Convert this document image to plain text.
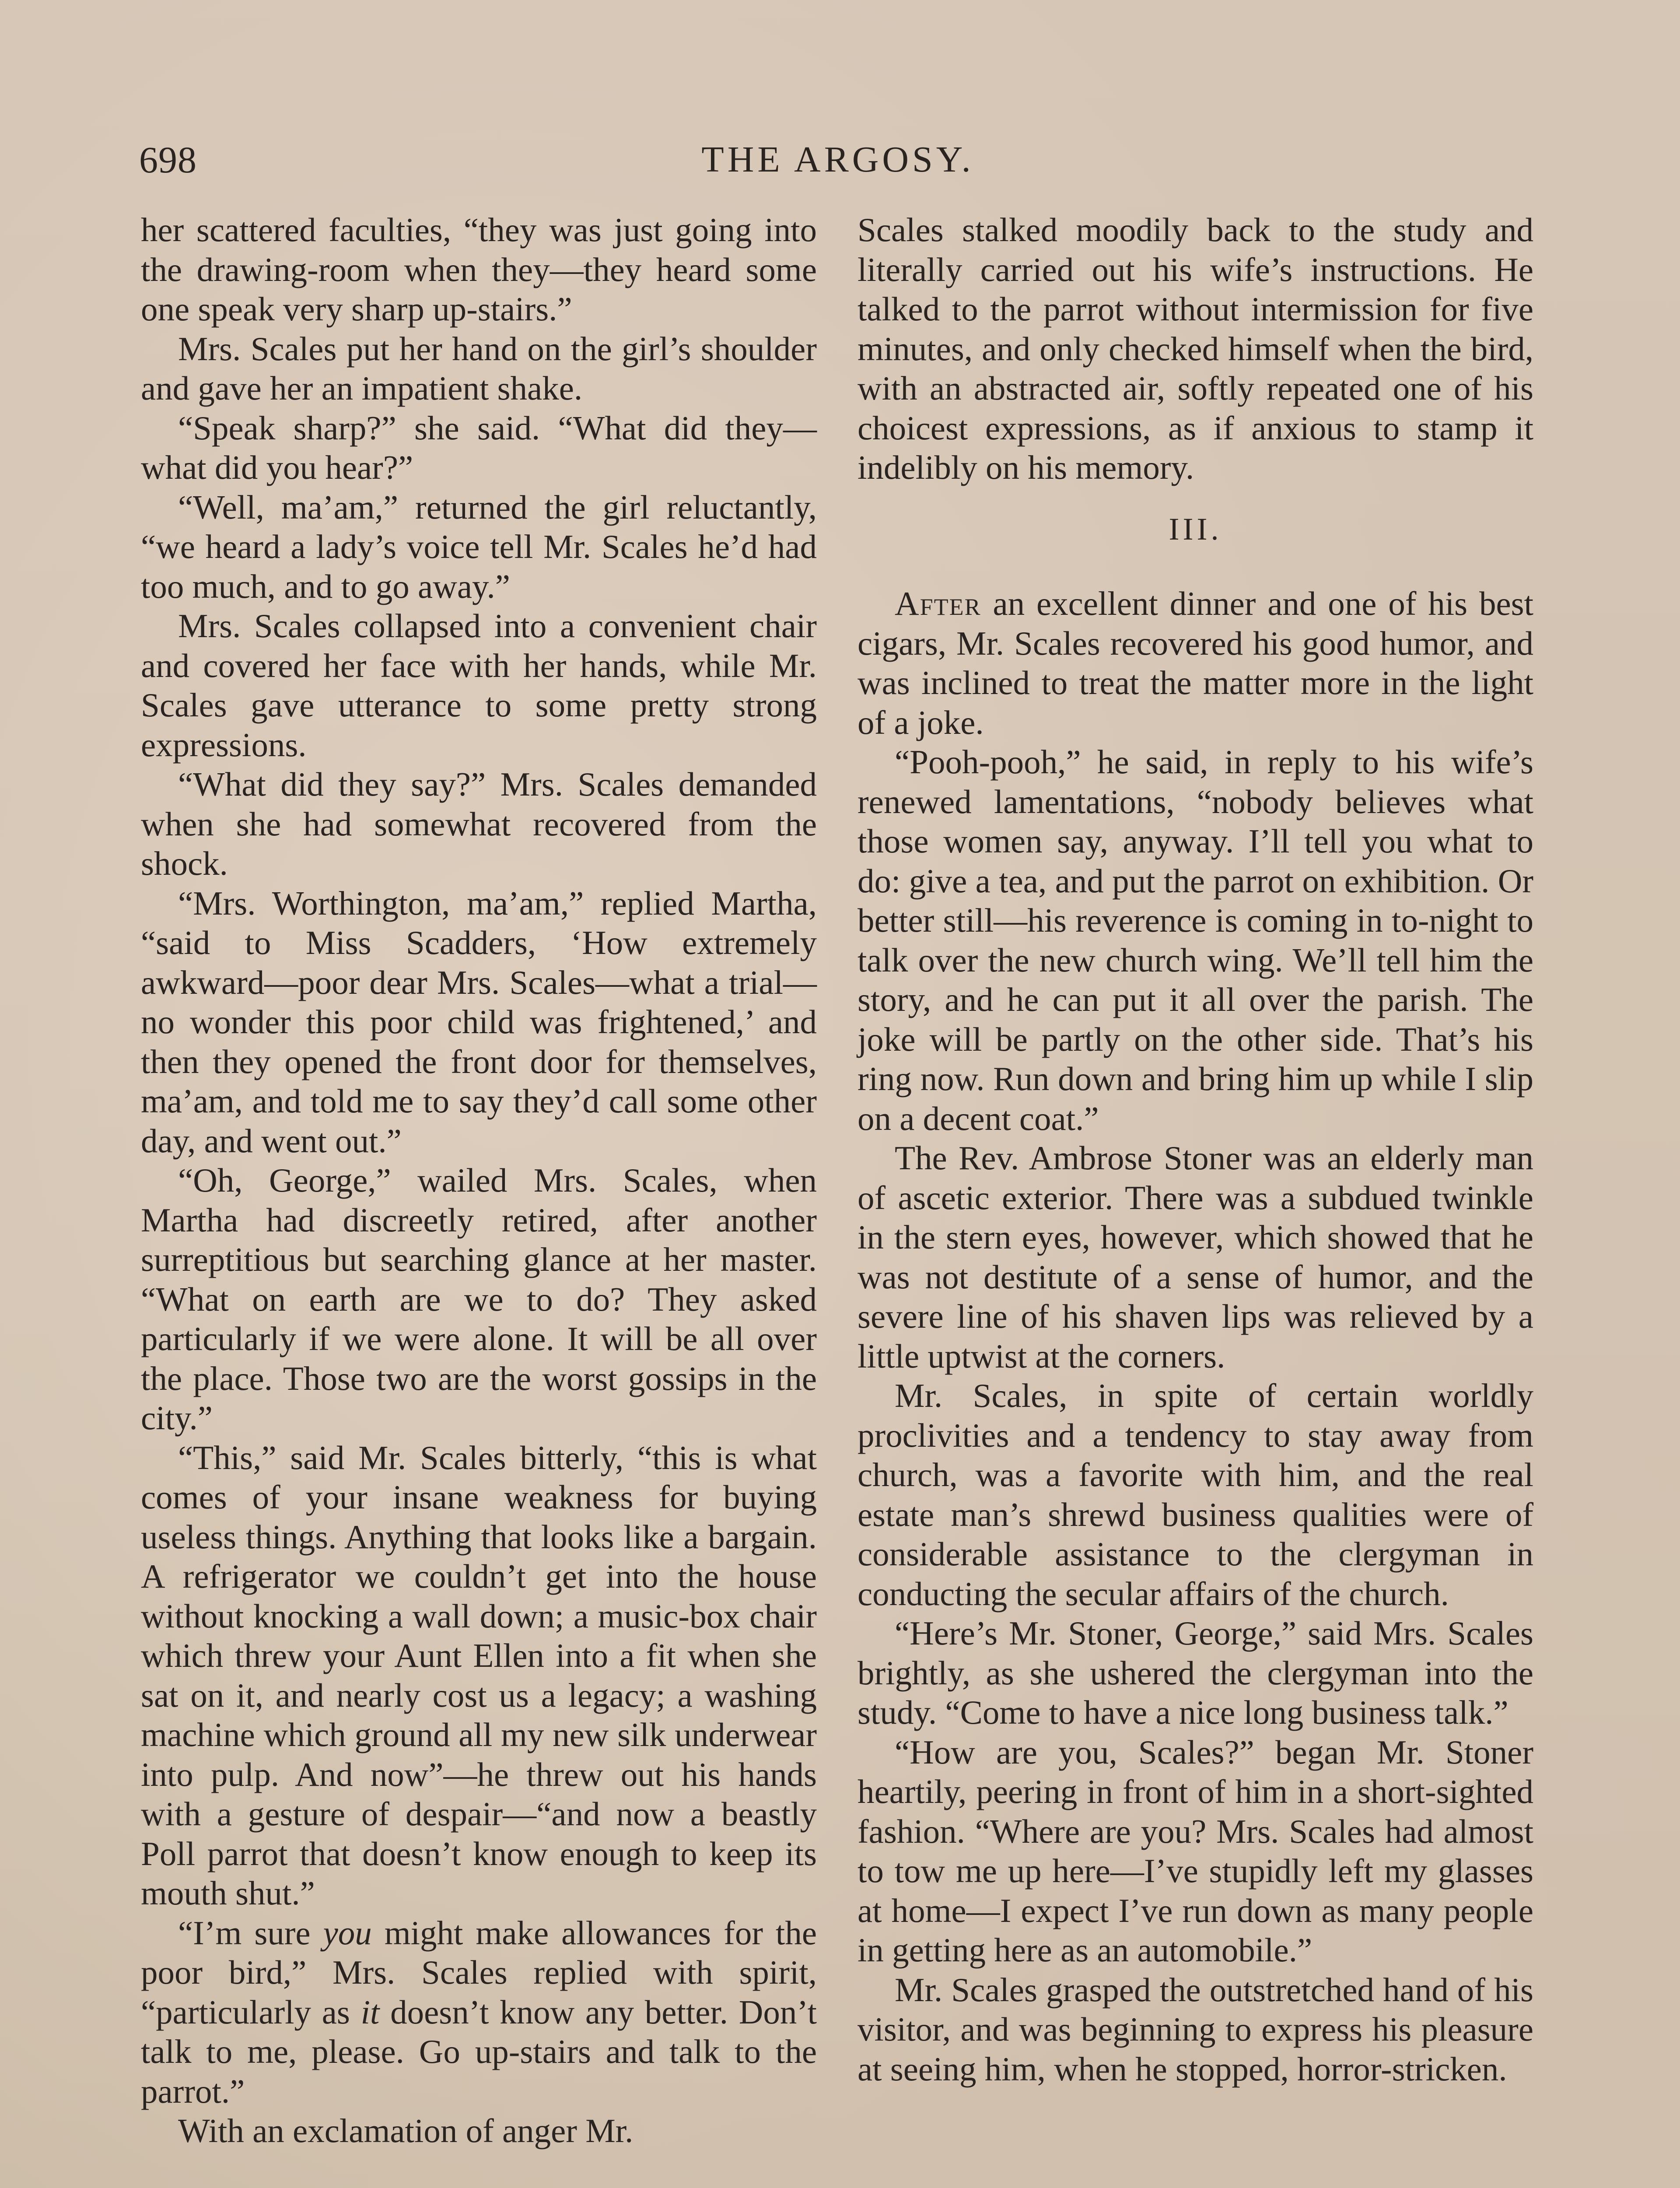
698	THE ARGOSY.

her scattered faculties, “they was just going into the drawing-room when they—they heard some one speak very sharp up-stairs.”

Mrs. Scales put her hand on the girl’s shoulder and gave her an impatient shake.

“Speak sharp?” she said. “What did they—what did you hear?”

“Well, ma’am,” returned the girl reluctantly, “we heard a lady’s voice tell Mr. Scales he’d had too much, and to go away.”

Mrs. Scales collapsed into a convenient chair and covered her face with her hands, while Mr. Scales gave utterance to some pretty strong expressions.

“What did they say?” Mrs. Scales demanded when she had somewhat recovered from the shock.

“Mrs. Worthington, ma’am,” replied Martha, “said to Miss Scadders, ‘How extremely awkward—poor dear Mrs. Scales—what a trial—no wonder this poor child was frightened,’ and then they opened the front door for themselves, ma’am, and told me to say they’d call some other day, and went out.”

“Oh, George,” wailed Mrs. Scales, when Martha had discreetly retired, after another surreptitious but searching glance at her master. “What on earth are we to do? They asked particularly if we were alone. It will be all over the place. Those two are the worst gossips in the city.”

“This,” said Mr. Scales bitterly, “this is what comes of your insane weakness for buying useless things. Anything that looks like a bargain. A refrigerator we couldn’t get into the house without knocking a wall down; a music-box chair which threw your Aunt Ellen into a fit when she sat on it, and nearly cost us a legacy; a washing machine which ground all my new silk underwear into pulp. And now”—he threw out his hands with a gesture of despair—“and now a beastly Poll parrot that doesn’t know enough to keep its mouth shut.”

“I’m sure you might make allowances for the poor bird,” Mrs. Scales replied with spirit, “particularly as it doesn’t know any better. Don’t talk to me, please. Go up-stairs and talk to the parrot.”

With an exclamation of anger Mr.

Scales stalked moodily back to the study and literally carried out his wife’s instructions. He talked to the parrot without intermission for five minutes, and only checked himself when the bird, with an abstracted air, softly repeated one of his choicest expressions, as if anxious to stamp it indelibly on his memory.

III.

After an excellent dinner and one of his best cigars, Mr. Scales recovered his good humor, and was inclined to treat the matter more in the light of a joke.

“Pooh-pooh,” he said, in reply to his wife’s renewed lamentations, “nobody believes what those women say, anyway. I’ll tell you what to do: give a tea, and put the parrot on exhibition. Or better still—his reverence is coming in to-night to talk over the new church wing. We’ll tell him the story, and he can put it all over the parish. The joke will be partly on the other side. That’s his ring now. Run down and bring him up while I slip on a decent coat.”

The Rev. Ambrose Stoner was an elderly man of ascetic exterior. There was a subdued twinkle in the stern eyes, however, which showed that he was not destitute of a sense of humor, and the severe line of his shaven lips was relieved by a little uptwist at the corners.

Mr. Scales, in spite of certain worldly proclivities and a tendency to stay away from church, was a favorite with him, and the real estate man’s shrewd business qualities were of considerable assistance to the clergyman in conducting the secular affairs of the church.

“Here’s Mr. Stoner, George,” said Mrs. Scales brightly, as she ushered the clergyman into the study. “Come to have a nice long business talk.”

“How are you, Scales?” began Mr. Stoner heartily, peering in front of him in a short-sighted fashion. “Where are you? Mrs. Scales had almost to tow me up here—I’ve stupidly left my glasses at home—I expect I’ve run down as many people in getting here as an automobile.”

Mr. Scales grasped the outstretched hand of his visitor, and was beginning to express his pleasure at seeing him, when he stopped, horror-stricken.
